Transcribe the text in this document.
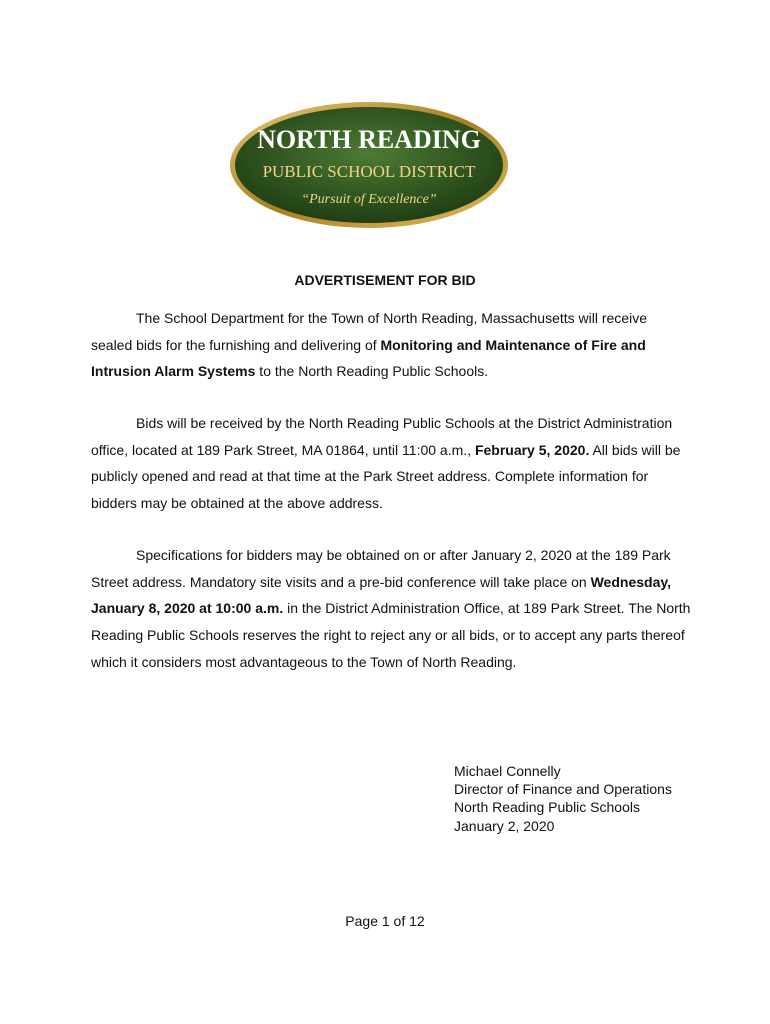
NORTH READING
PUBLIC SCHOOL DISTRICT
“Pursuit of Excellence”
ADVERTISEMENT FOR BID

The School Department for the Town of North Reading, Massachusetts will receive sealed bids for the furnishing and delivering of Monitoring and Maintenance of Fire and Intrusion Alarm Systems to the North Reading Public Schools.

Bids will be received by the North Reading Public Schools at the District Administration office, located at 189 Park Street, MA 01864, until 11:00 a.m., February 5, 2020. All bids will be publicly opened and read at that time at the Park Street address. Complete information for bidders may be obtained at the above address.

Specifications for bidders may be obtained on or after January 2, 2020 at the 189 Park Street address. Mandatory site visits and a pre-bid conference will take place on Wednesday, January 8, 2020 at 10:00 a.m. in the District Administration Office, at 189 Park Street. The North Reading Public Schools reserves the right to reject any or all bids, or to accept any parts thereof which it considers most advantageous to the Town of North Reading.

Michael Connelly
Director of Finance and Operations
North Reading Public Schools
January 2, 2020
Page 1 of 12
